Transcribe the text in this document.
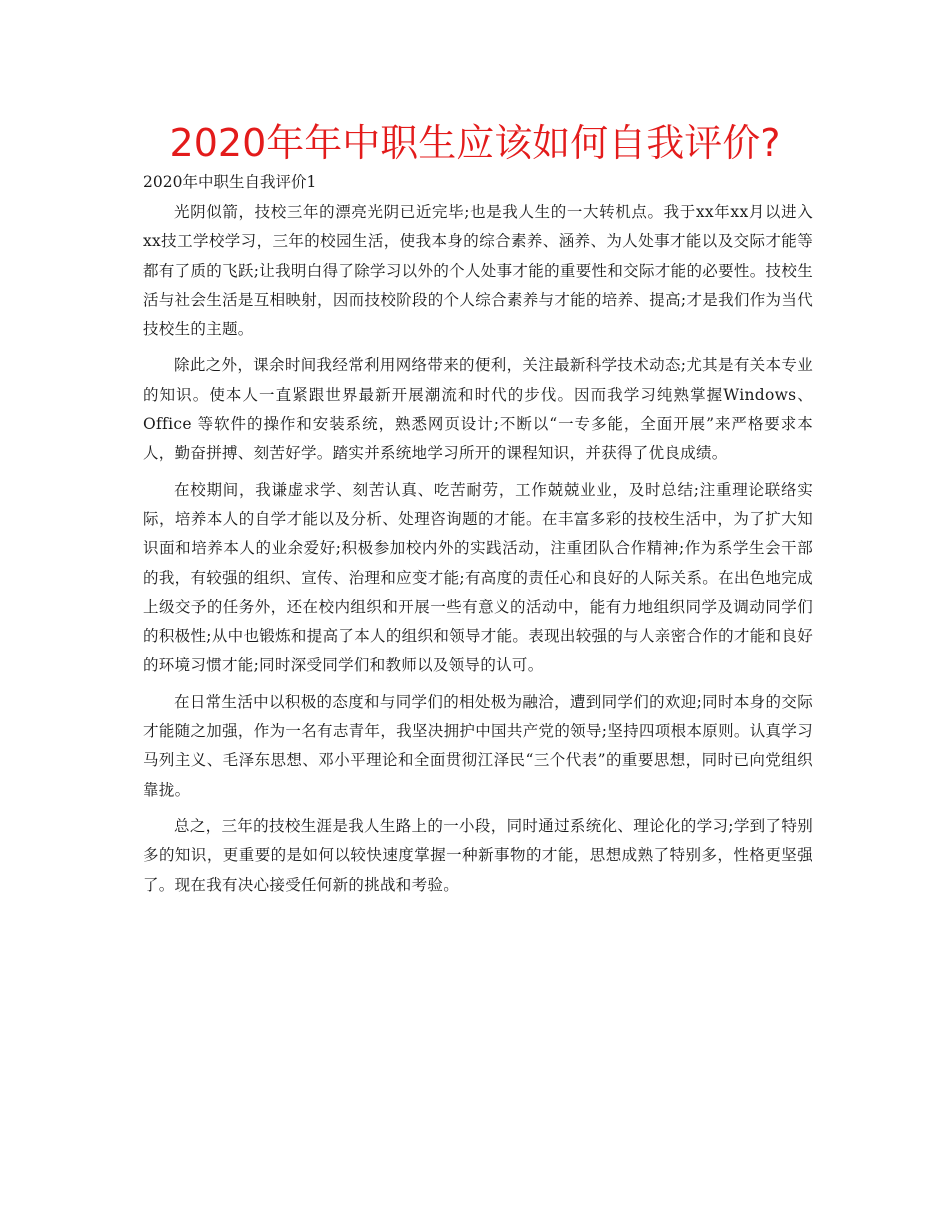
2020年年中职生应该如何自我评价?

2020年中职生自我评价1

光阴似箭，技校三年的漂亮光阴已近完毕;也是我人生的一大转机点。我于xx年xx月以进入xx技工学校学习，三年的校园生活，使我本身的综合素养、涵养、为人处事才能以及交际才能等都有了质的飞跃;让我明白得了除学习以外的个人处事才能的重要性和交际才能的必要性。技校生活与社会生活是互相映射，因而技校阶段的个人综合素养与才能的培养、提高;才是我们作为当代技校生的主题。

除此之外，课余时间我经常利用网络带来的便利，关注最新科学技术动态;尤其是有关本专业的知识。使本人一直紧跟世界最新开展潮流和时代的步伐。因而我学习纯熟掌握Windows、Office 等软件的操作和安装系统，熟悉网页设计;不断以“一专多能，全面开展”来严格要求本人，勤奋拼搏、刻苦好学。踏实并系统地学习所开的课程知识，并获得了优良成绩。

在校期间，我谦虚求学、刻苦认真、吃苦耐劳，工作兢兢业业，及时总结;注重理论联络实际，培养本人的自学才能以及分析、处理咨询题的才能。在丰富多彩的技校生活中，为了扩大知识面和培养本人的业余爱好;积极参加校内外的实践活动，注重团队合作精神;作为系学生会干部的我，有较强的组织、宣传、治理和应变才能;有高度的责任心和良好的人际关系。在出色地完成上级交予的任务外，还在校内组织和开展一些有意义的活动中，能有力地组织同学及调动同学们的积极性;从中也锻炼和提高了本人的组织和领导才能。表现出较强的与人亲密合作的才能和良好的环境习惯才能;同时深受同学们和教师以及领导的认可。

在日常生活中以积极的态度和与同学们的相处极为融洽，遭到同学们的欢迎;同时本身的交际才能随之加强，作为一名有志青年，我坚决拥护中国共产党的领导;坚持四项根本原则。认真学习马列主义、毛泽东思想、邓小平理论和全面贯彻江泽民“三个代表”的重要思想，同时已向党组织靠拢。

总之，三年的技校生涯是我人生路上的一小段，同时通过系统化、理论化的学习;学到了特别多的知识，更重要的是如何以较快速度掌握一种新事物的才能，思想成熟了特别多，性格更坚强了。现在我有决心接受任何新的挑战和考验。
